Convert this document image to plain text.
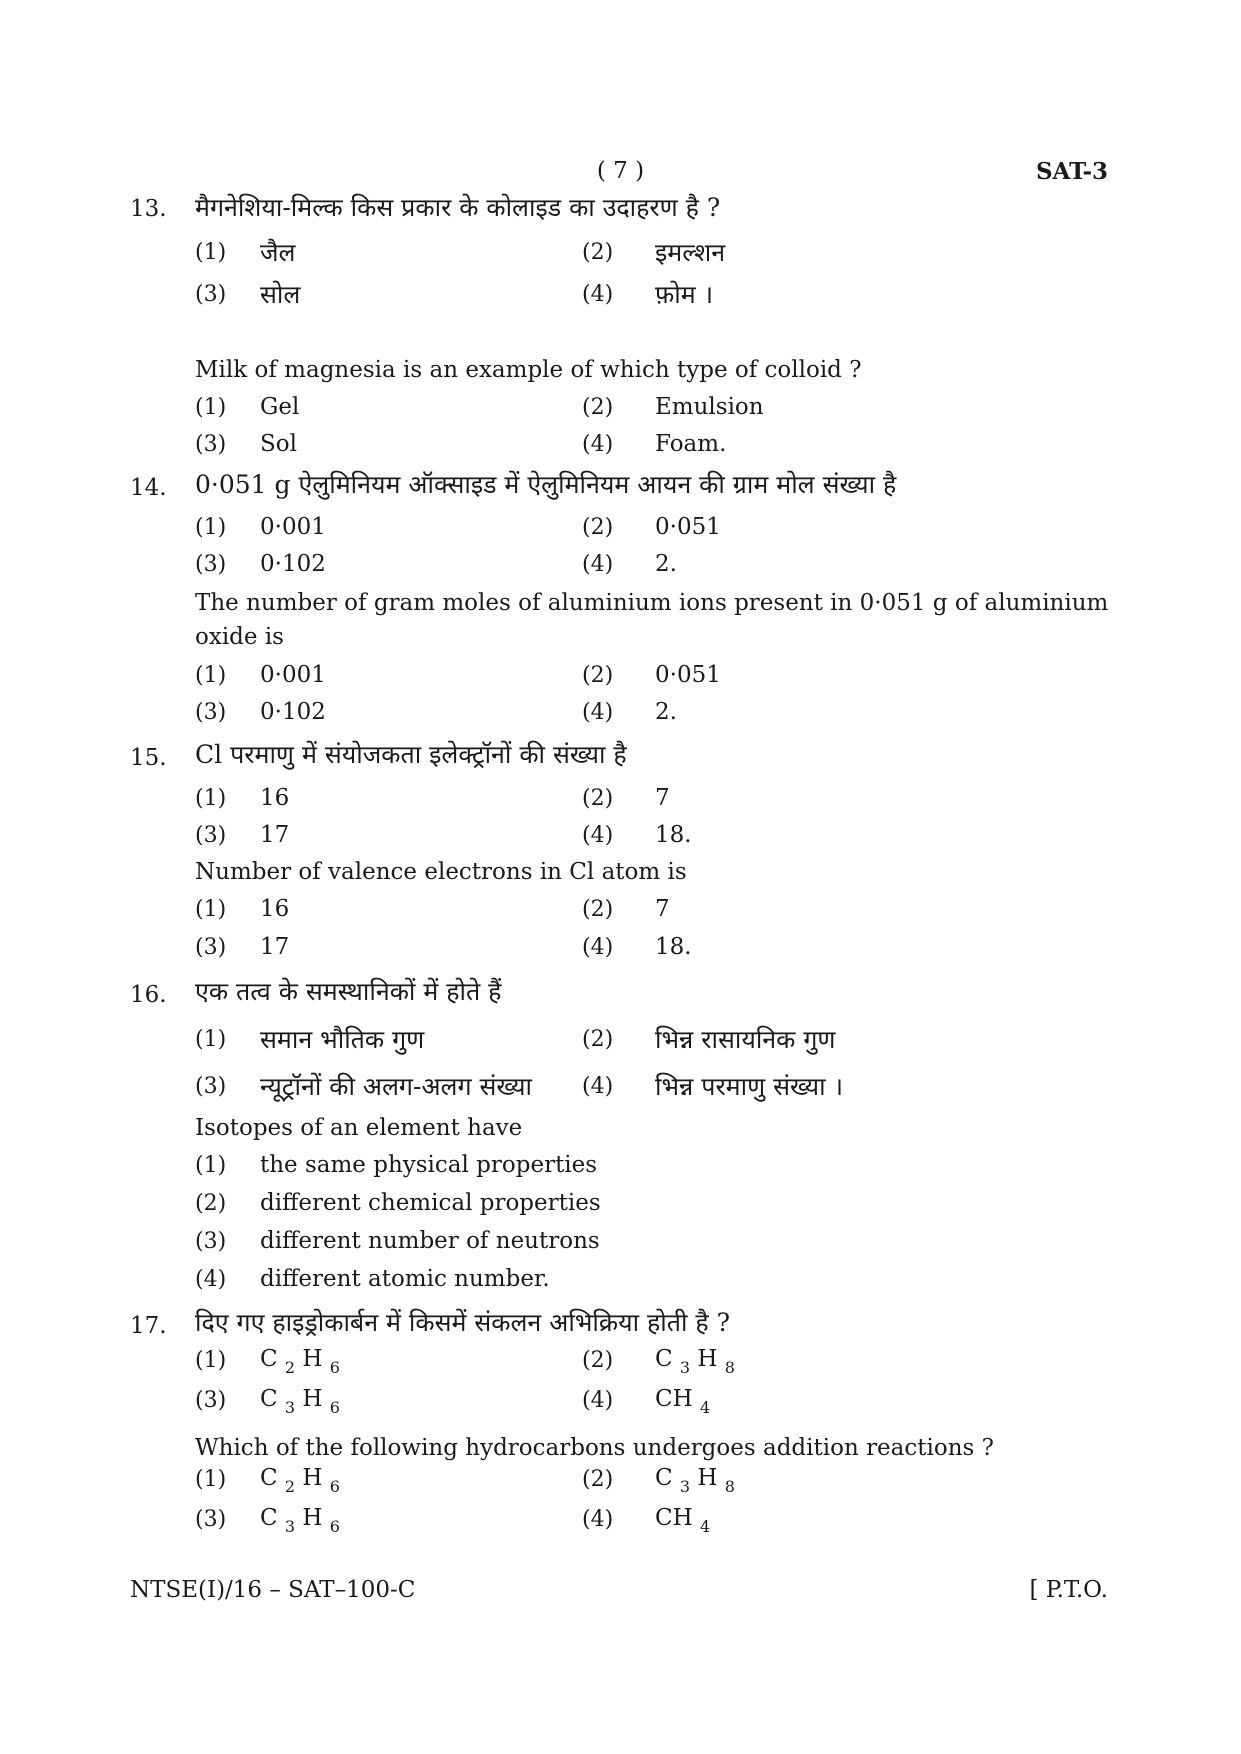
( 7 )	SAT-3
13. मैगनेशिया-मिल्क किस प्रकार के कोलाइड का उदाहरण है ?
(1) जैल	(2) इमल्शन
(3) सोल	(4) फ़ोम ।
Milk of magnesia is an example of which type of colloid ?
(1) Gel	(2) Emulsion
(3) Sol	(4) Foam.
14. 0·051 g ऐलुमिनियम ऑक्साइड में ऐलुमिनियम आयन की ग्राम मोल संख्या है
(1) 0·001	(2) 0·051
(3) 0·102	(4) 2.
The number of gram moles of aluminium ions present in 0·051 g of aluminium
oxide is
(1) 0·001	(2) 0·051
(3) 0·102	(4) 2.
15. Cl परमाणु में संयोजकता इलेक्ट्रॉनों की संख्या है
(1) 16	(2) 7
(3) 17	(4) 18.
Number of valence electrons in Cl atom is
(1) 16	(2) 7
(3) 17	(4) 18.
16. एक तत्व के समस्थानिकों में होते हैं
(1) समान भौतिक गुण	(2) भिन्न रासायनिक गुण
(3) न्यूट्रॉनों की अलग-अलग संख्या (4) भिन्न परमाणु संख्या ।
Isotopes of an element have
(1) the same physical properties
(2) different chemical properties
(3) different number of neutrons
(4) different atomic number.
17. दिए गए हाइड्रोकार्बन में किसमें संकलन अभिक्रिया होती है ?
(1) C $_2$ H $_6$	(2) C $_3$ H $_8$
(3) C $_3$ H $_6$	(4) CH $_4$
Which of the following hydrocarbons undergoes addition reactions ?
(1) C $_2$ H $_6$	(2) C $_3$ H $_8$
(3) C $_3$ H $_6$	(4) CH $_4$
NTSE(I)/16 – SAT–100-C	[ P.T.O.
